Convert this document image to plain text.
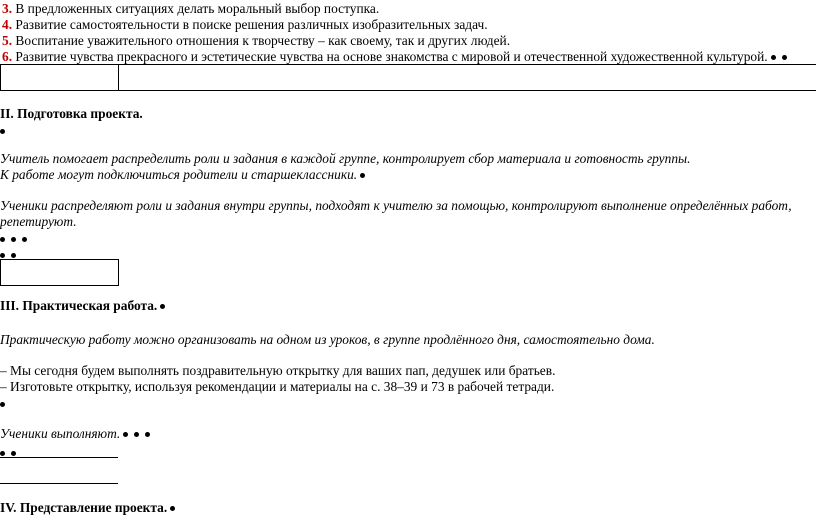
3. В предложенных ситуациях делать моральный выбор поступка.
4. Развитие самостоятельности в поиске решения различных изобразительных задач.
5. Воспитание уважительного отношения к творчеству – как своему, так и других людей.
6. Развитие чувства прекрасного и эстетические чувства на основе знакомства с мировой и отечественной художественной культурой.
II. Подготовка проекта.
Учитель помогает распределить роли и задания в каждой группе, контролирует сбор материала и готовность группы.
К работе могут подключиться родители и старшеклассники.
Ученики распределяют роли и задания внутри группы, подходят к учителю за помощью, контролируют выполнение определённых работ,
репетируют.
III. Практическая работа.
Практическую работу можно организовать на одном из уроков, в группе продлённого дня, самостоятельно дома.
– Мы сегодня будем выполнять поздравительную открытку для ваших пап, дедушек или братьев.
– Изготовьте открытку, используя рекомендации и материалы на с. 38–39 и 73 в рабочей тетради.
Ученики выполняют.
IV. Представление проекта.
